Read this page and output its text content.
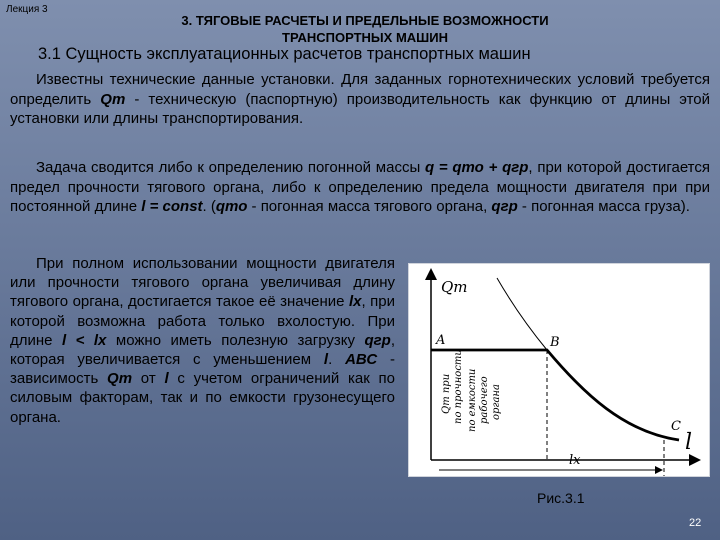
Лекция 3
3. ТЯГОВЫЕ РАСЧЕТЫ И ПРЕДЕЛЬНЫЕ ВОЗМОЖНОСТИ ТРАНСПОРТНЫХ МАШИН
3.1 Сущность эксплуатационных расчетов транспортных машин

Известны технические данные установки. Для заданных горнотехнических условий требуется определить Qт - техническую (паспортную) производительность как функцию от длины этой установки или длины транспортирования.

Задача сводится либо к определению погонной массы q = qто + qгр, при которой достигается предел прочности тягового органа, либо к определению предела мощности двигателя при при постоянной длине l = const. (qто - погонная масса тягового органа, qгр - погонная масса груза).

При полном использовании мощности двигателя или прочности тягового органа увеличивая длину тягового органа, достигается такое её значение lх, при которой возможна работа только вхолостую. При длине l < lх можно иметь полезную загрузку qгр, которая увеличивается с уменьшением l. АВС - зависимость Qт от l с учетом ограничений как по силовым факторам, так и по емкости грузонесущего органа.

Qт
l
lх
A	B
C
Qт при по прочности по емкости рабочего органа
Рис.3.1
22
